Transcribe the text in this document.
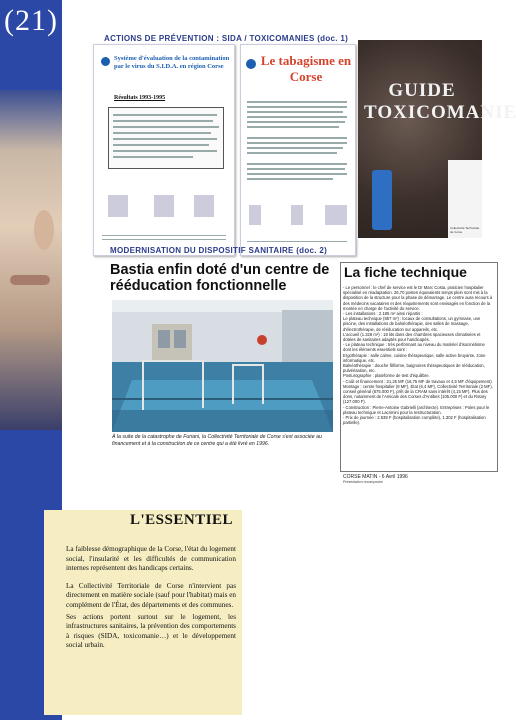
(21)
ACTIONS DE PRÉVENTION : SIDA / TOXICOMANIES (doc. 1)
Système d'évaluation de la contamination par le virus du S.I.D.A. en région Corse
Résultats 1993-1995
Le tabagisme en Corse
GUIDE
TOXICOMANIE
Collectivité Territoriale de Corse
MODERNISATION DU DISPOSITIF SANITAIRE (doc. 2)
Bastia enfin doté d'un centre de rééducation fonctionnelle
À la suite de la catastrophe de Furiani, la Collectivité Territoriale de Corse s'est associée au financement et à la construction de ce centre qui a été livré en 1996.
La fiche technique
- Le personnel : le chef de service est le Dr Marc Costa, praticien hospitalier spécialisé en réadaptation. 26,70 postes équivalents temps plein sont mis à la disposition de la structure pour la phase de démarrage. Le centre aura recours à des médecins vacataires et des réajustements sont envisagés en fonction de la montée en charge de l'activité du service.
- Les installations : 2.185 m² ainsi répartis :
Le plateau technique (857 m²) : locaux de consultations, un gymnase, une piscine, des installations de balnéothérapie, des salles de massage, d'électrothérapie, de rééducation sur appareils, etc.
L'accueil (1.328 m²) : 18 lits dans des chambres spacieuses climatisées et dotées de sanitaires adaptés pour handicapés.
- Le plateau technique : très performant au niveau du matériel d'isocinétisme dont les éléments essentiels sont :
Ergothérapie : salle calme, cuisine thérapeutique, salle active bruyante, zone informatique, etc.
Balnéothérapie : douche filiforme, baignoires thérapeutiques de rééducation, pulvérisation, etc.
Posturographie : plateforme de test d'équilibre.
- Coût et financement : 21,25 MF (16,75 MF de travaux et 4,5 MF d'équipement). Montage : centre hospitalier (8 MF), État (6,4 MF), Collectivité Territoriale (2 MF), conseil général (675.000 F), prêt de la CRAM sans intérêt (4,15 MF). Plus des dons, notamment de l'Amicale des Corses d'Antibes (105.000 F) et du Rotary (127.000 F).
- Construction : Pierre-Antoine Gabrielli (architecte). Entreprises : Poles pour le plateau technique et Lacrimini pour la restructuration.
- Prix de journée : 2.539 F (hospitalisation complète), 1.302 F (hospitalisation partielle).
CORSE MATIN - 6 Avril 1996
Présentation recomposée
L'ESSENTIEL

La faiblesse démographique de la Corse, l'état du logement social, l'insularité et les difficultés de communication internes représentent des handicaps certains.

La Collectivité Territoriale de Corse n'intervient pas directement en matière sociale (sauf pour l'habitat) mais en complément de l'État, des départements et des communes.

Ses actions portent surtout sur le logement, les infrastructures sanitaires, la prévention des comportements à risques (SIDA, toxicomanie…) et le développement social urbain.
